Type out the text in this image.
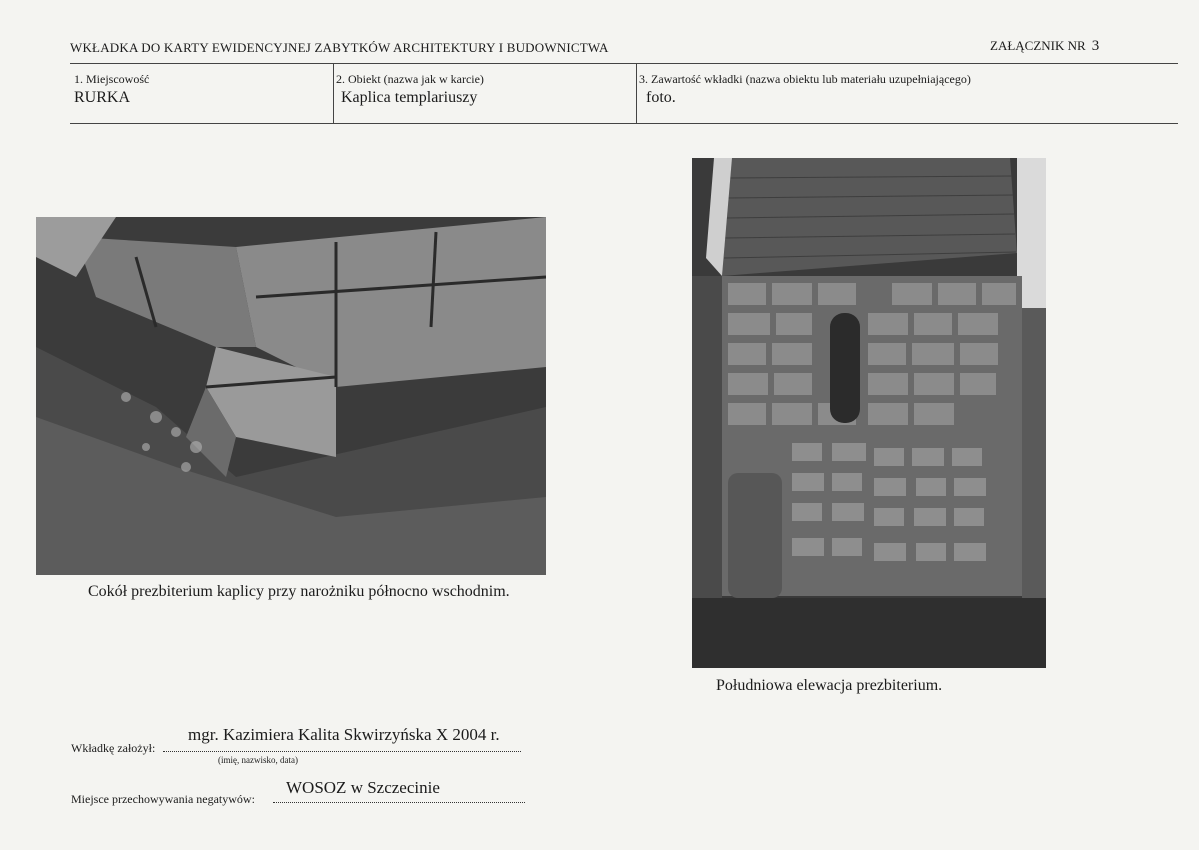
WKŁADKA DO KARTY EWIDENCYJNEJ ZABYTKÓW ARCHITEKTURY I BUDOWNICTWA	ZAŁĄCZNIK NR 3
1. Miejscowość
RURKA
2. Obiekt (nazwa jak w karcie)
Kaplica templariuszy
3. Zawartość wkładki (nazwa obiektu lub materiału uzupełniającego)
foto.
Cokół prezbiterium kaplicy przy narożniku północno wschodnim.
Południowa elewacja prezbiterium.
Wkładkę założył:
mgr. Kazimiera Kalita Skwirzyńska X 2004 r.
(imię, nazwisko, data)
Miejsce przechowywania negatywów:
WOSOZ w Szczecinie
